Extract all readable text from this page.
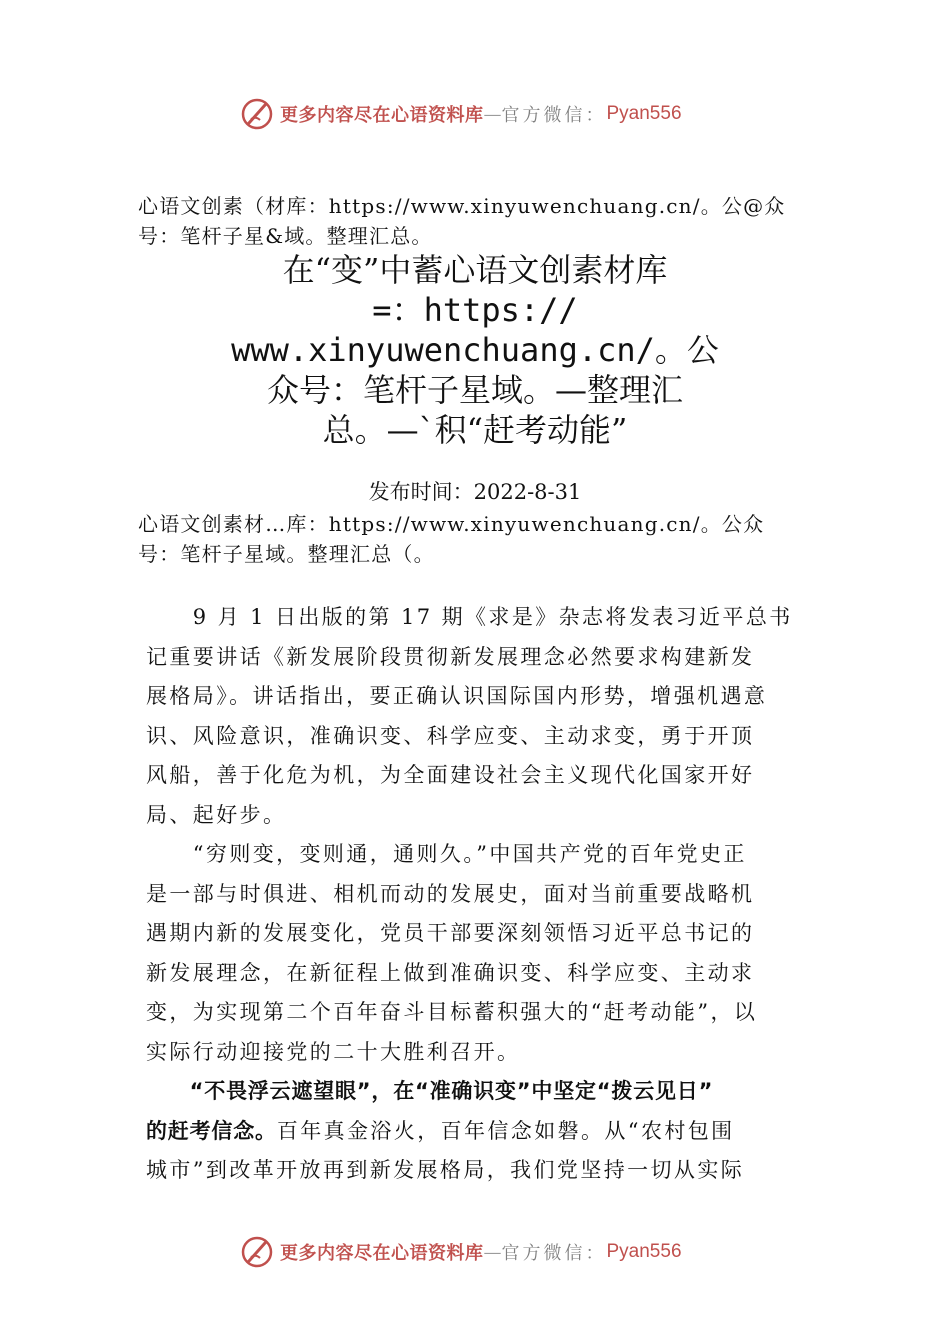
更多内容尽在心语资料库 — 官方微信： Pyan556
心语文创素（材库：https://www.xinyuwenchuang.cn/。公@众
号：笔杆子星&域。整理汇总。
在“变”中蓄心语文创素材库
=：https://
www.xinyuwenchuang.cn/。公
众号：笔杆子星域。—整理汇
总。—`积“赶考动能”
发布时间：2022-8-31
心语文创素材…库：https://www.xinyuwenchuang.cn/。公众
号：笔杆子星域。整理汇总（。

　　9 月 1 日出版的第 17 期《求是》杂志将发表习近平总书
记重要讲话《新发展阶段贯彻新发展理念必然要求构建新发
展格局》。讲话指出，要正确认识国际国内形势，增强机遇意
识、风险意识，准确识变、科学应变、主动求变，勇于开顶
风船，善于化危为机，为全面建设社会主义现代化国家开好
局、起好步。

　　“穷则变，变则通，通则久。”中国共产党的百年党史正
是一部与时俱进、相机而动的发展史，面对当前重要战略机
遇期内新的发展变化，党员干部要深刻领悟习近平总书记的
新发展理念，在新征程上做到准确识变、科学应变、主动求
变，为实现第二个百年奋斗目标蓄积强大的“赶考动能”，以
实际行动迎接党的二十大胜利召开。

　　“不畏浮云遮望眼”，在“准确识变”中坚定“拨云见日”
的赶考信念。百年真金浴火，百年信念如磐。从“农村包围
城市”到改革开放再到新发展格局，我们党坚持一切从实际

更多内容尽在心语资料库 — 官方微信： Pyan556
